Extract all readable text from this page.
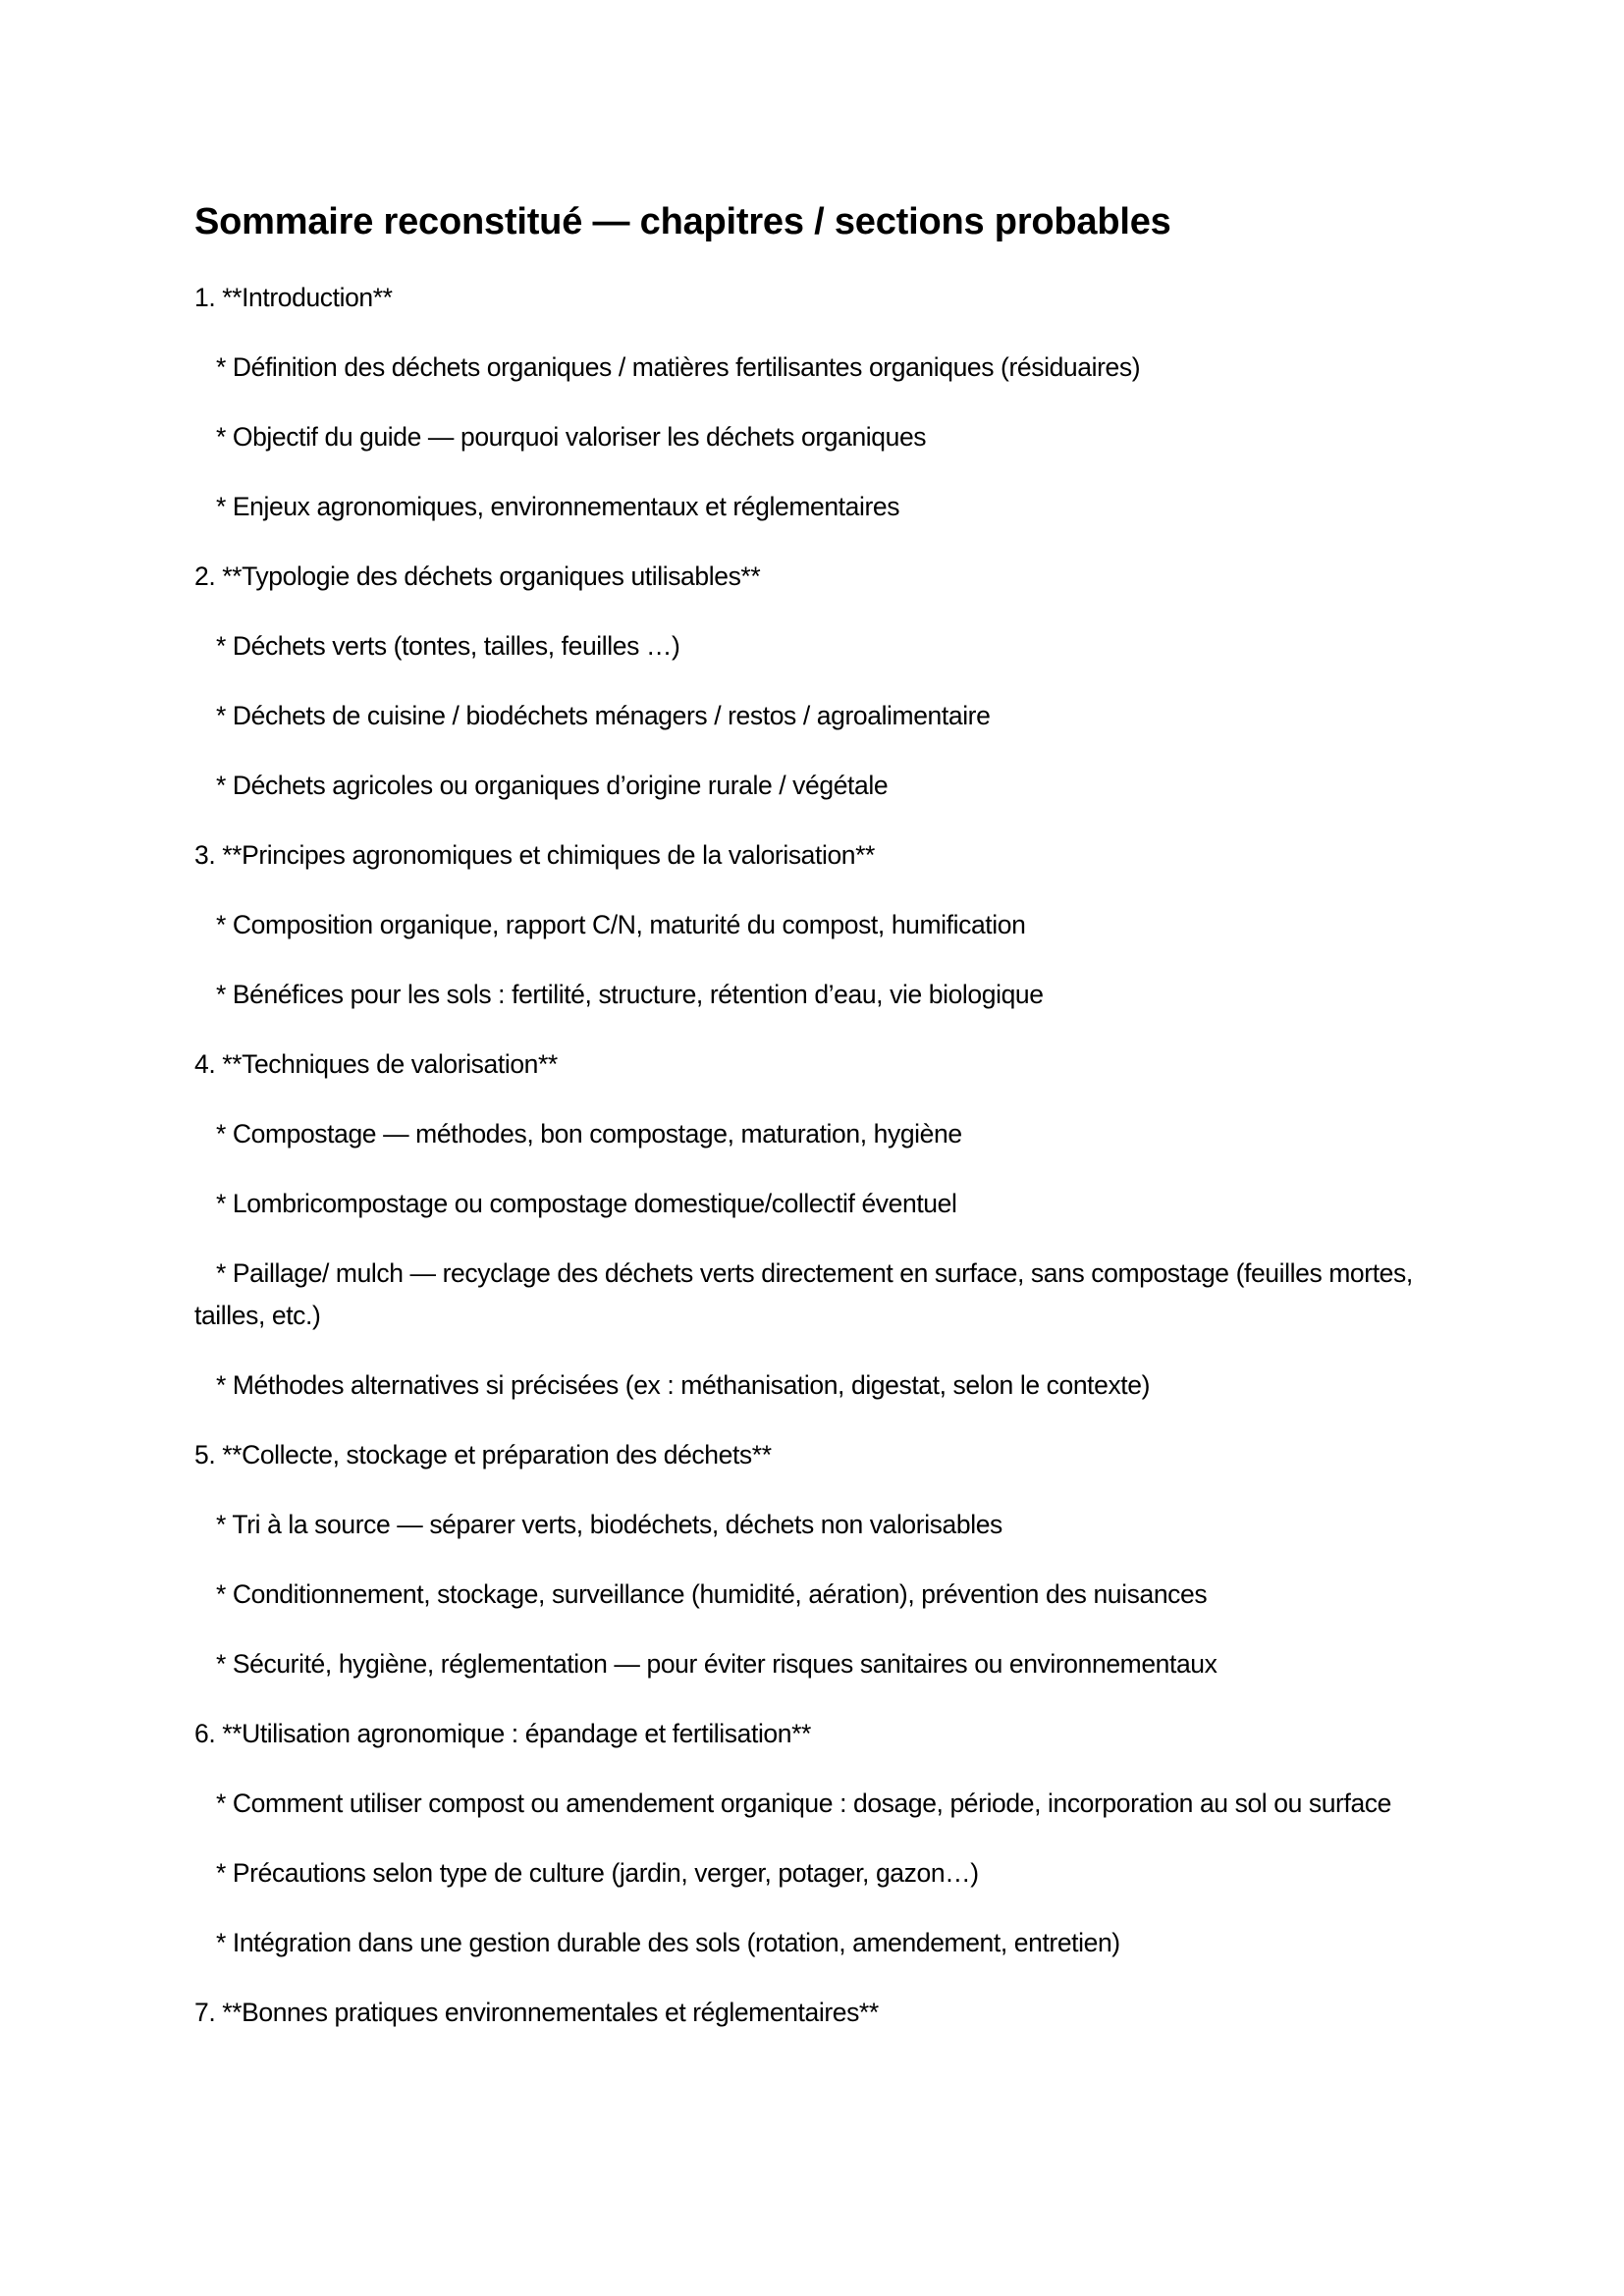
Sommaire reconstitué — chapitres / sections probables

1. **Introduction**

* Définition des déchets organiques / matières fertilisantes organiques (résiduaires)

* Objectif du guide — pourquoi valoriser les déchets organiques

* Enjeux agronomiques, environnementaux et réglementaires

2. **Typologie des déchets organiques utilisables**

* Déchets verts (tontes, tailles, feuilles …)

* Déchets de cuisine / biodéchets ménagers / restos / agroalimentaire

* Déchets agricoles ou organiques d’origine rurale / végétale

3. **Principes agronomiques et chimiques de la valorisation**

* Composition organique, rapport C/N, maturité du compost, humification

* Bénéfices pour les sols : fertilité, structure, rétention d’eau, vie biologique

4. **Techniques de valorisation**

* Compostage — méthodes, bon compostage, maturation, hygiène

* Lombricompostage ou compostage domestique/collectif éventuel

* Paillage/ mulch — recyclage des déchets verts directement en surface, sans compostage (feuilles mortes, tailles, etc.)

* Méthodes alternatives si précisées (ex : méthanisation, digestat, selon le contexte)

5. **Collecte, stockage et préparation des déchets**

* Tri à la source — séparer verts, biodéchets, déchets non valorisables

* Conditionnement, stockage, surveillance (humidité, aération), prévention des nuisances

* Sécurité, hygiène, réglementation — pour éviter risques sanitaires ou environnementaux

6. **Utilisation agronomique : épandage et fertilisation**

* Comment utiliser compost ou amendement organique : dosage, période, incorporation au sol ou surface

* Précautions selon type de culture (jardin, verger, potager, gazon…)

* Intégration dans une gestion durable des sols (rotation, amendement, entretien)

7. **Bonnes pratiques environnementales et réglementaires**
